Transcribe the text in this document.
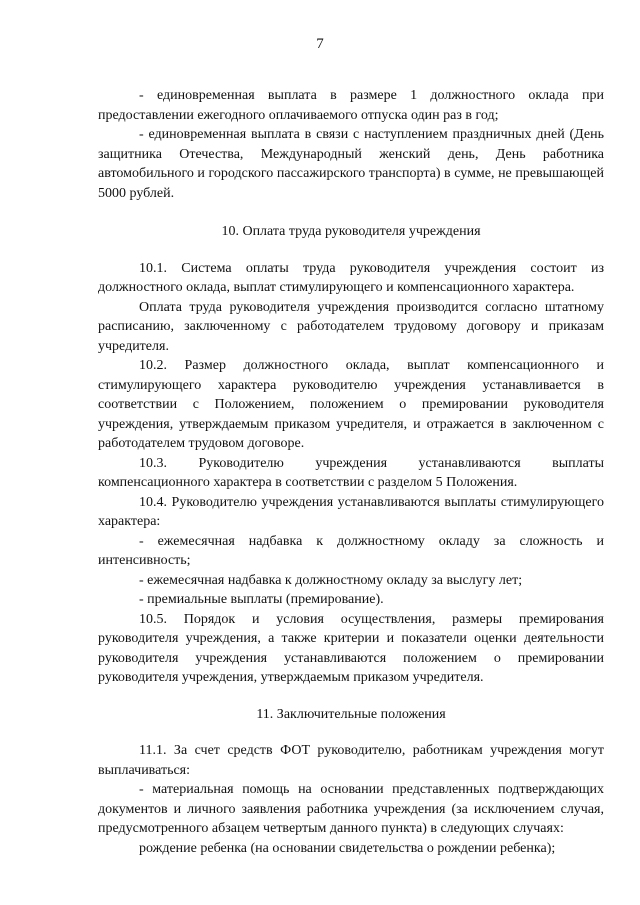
7

- единовременная выплата в размере 1 должностного оклада при предоставлении ежегодного оплачиваемого отпуска один раз в год;

- единовременная выплата в связи с наступлением праздничных дней (День защитника Отечества, Международный женский день, День работника автомобильного и городского пассажирского транспорта) в сумме, не превышающей 5000 рублей.

10. Оплата труда руководителя учреждения

10.1. Система оплаты труда руководителя учреждения состоит из должностного оклада, выплат стимулирующего и компенсационного характера.

Оплата труда руководителя учреждения производится согласно штатному расписанию, заключенному с работодателем трудовому договору и приказам учредителя.

10.2. Размер должностного оклада, выплат компенсационного и стимулирующего характера руководителю учреждения устанавливается в соответствии с Положением, положением о премировании руководителя учреждения, утверждаемым приказом учредителя, и отражается в заключенном с работодателем трудовом договоре.

10.3. Руководителю учреждения устанавливаются выплаты компенсационного характера в соответствии с разделом 5 Положения.

10.4. Руководителю учреждения устанавливаются выплаты стимулирующего характера:

- ежемесячная надбавка к должностному окладу за сложность и интенсивность;

- ежемесячная надбавка к должностному окладу за выслугу лет;

- премиальные выплаты (премирование).

10.5. Порядок и условия осуществления, размеры премирования руководителя учреждения, а также критерии и показатели оценки деятельности руководителя учреждения устанавливаются положением о премировании руководителя учреждения, утверждаемым приказом учредителя.

11. Заключительные положения

11.1. За счет средств ФОТ руководителю, работникам учреждения могут выплачиваться:

- материальная помощь на основании представленных подтверждающих документов и личного заявления работника учреждения (за исключением случая, предусмотренного абзацем четвертым данного пункта) в следующих случаях:

рождение ребенка (на основании свидетельства о рождении ребенка);
